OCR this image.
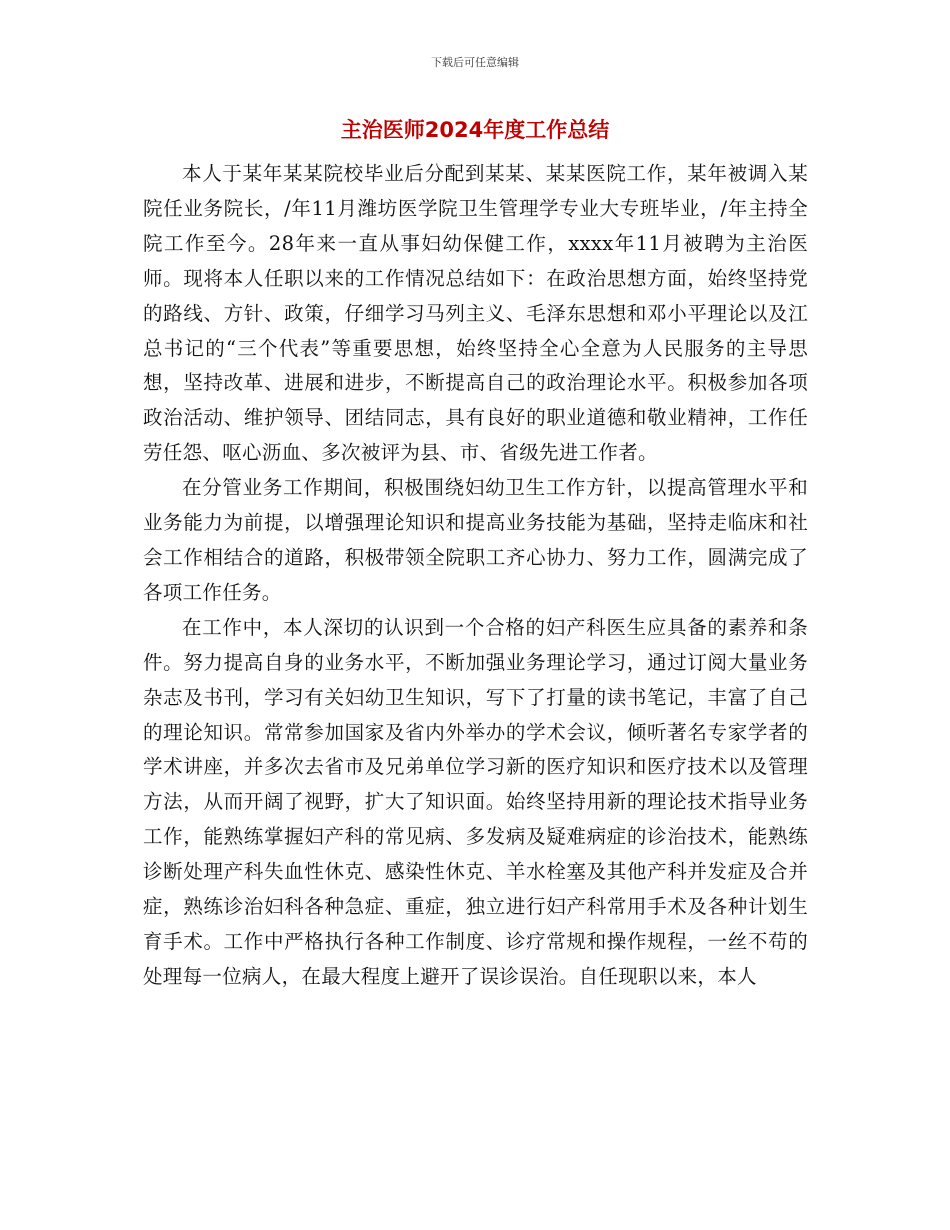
下载后可任意编辑
主治医师2024年度工作总结

本人于某年某某院校毕业后分配到某某、某某医院工作，某年被调入某院任业务院长，/年11月潍坊医学院卫生管理学专业大专班毕业，/年主持全院工作至今。28年来一直从事妇幼保健工作，xxxx年11月被聘为主治医师。现将本人任职以来的工作情况总结如下：在政治思想方面，始终坚持党的路线、方针、政策，仔细学习马列主义、毛泽东思想和邓小平理论以及江总书记的“三个代表”等重要思想，始终坚持全心全意为人民服务的主导思想，坚持改革、进展和进步，不断提高自己的政治理论水平。积极参加各项政治活动、维护领导、团结同志，具有良好的职业道德和敬业精神，工作任劳任怨、呕心沥血、多次被评为县、市、省级先进工作者。

在分管业务工作期间，积极围绕妇幼卫生工作方针，以提高管理水平和业务能力为前提，以增强理论知识和提高业务技能为基础，坚持走临床和社会工作相结合的道路，积极带领全院职工齐心协力、努力工作，圆满完成了各项工作任务。

在工作中，本人深切的认识到一个合格的妇产科医生应具备的素养和条件。努力提高自身的业务水平，不断加强业务理论学习，通过订阅大量业务杂志及书刊，学习有关妇幼卫生知识，写下了打量的读书笔记，丰富了自己的理论知识。常常参加国家及省内外举办的学术会议，倾听著名专家学者的学术讲座，并多次去省市及兄弟单位学习新的医疗知识和医疗技术以及管理方法，从而开阔了视野，扩大了知识面。始终坚持用新的理论技术指导业务工作，能熟练掌握妇产科的常见病、多发病及疑难病症的诊治技术，能熟练诊断处理产科失血性休克、感染性休克、羊水栓塞及其他产科并发症及合并症，熟练诊治妇科各种急症、重症，独立进行妇产科常用手术及各种计划生育手术。工作中严格执行各种工作制度、诊疗常规和操作规程，一丝不苟的处理每一位病人，在最大程度上避开了误诊误治。自任现职以来，本人
